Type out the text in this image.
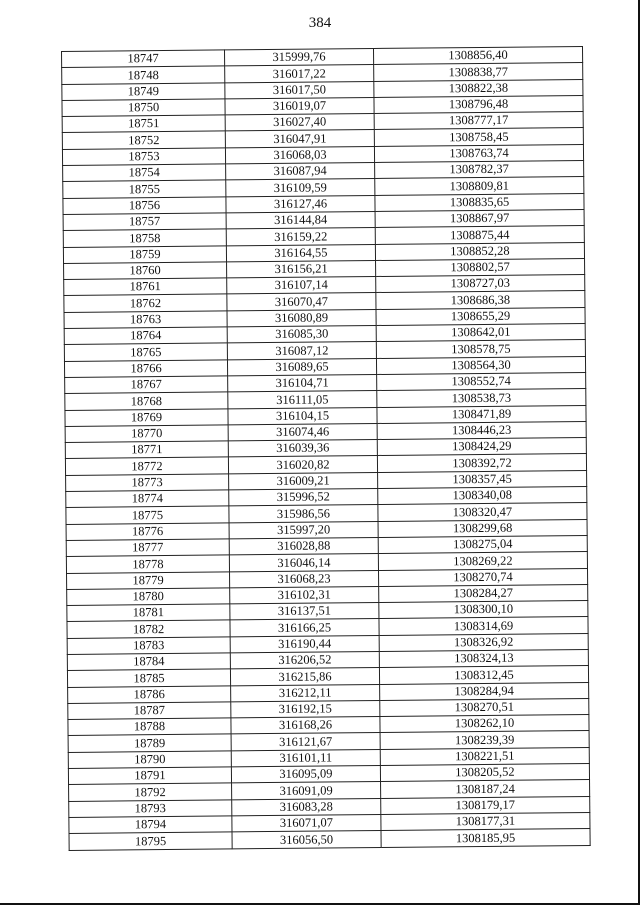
384
18747	315999,76	1308856,40
18748	316017,22	1308838,77
18749	316017,50	1308822,38
18750	316019,07	1308796,48
18751	316027,40	1308777,17
18752	316047,91	1308758,45
18753	316068,03	1308763,74
18754	316087,94	1308782,37
18755	316109,59	1308809,81
18756	316127,46	1308835,65
18757	316144,84	1308867,97
18758	316159,22	1308875,44
18759	316164,55	1308852,28
18760	316156,21	1308802,57
18761	316107,14	1308727,03
18762	316070,47	1308686,38
18763	316080,89	1308655,29
18764	316085,30	1308642,01
18765	316087,12	1308578,75
18766	316089,65	1308564,30
18767	316104,71	1308552,74
18768	316111,05	1308538,73
18769	316104,15	1308471,89
18770	316074,46	1308446,23
18771	316039,36	1308424,29
18772	316020,82	1308392,72
18773	316009,21	1308357,45
18774	315996,52	1308340,08
18775	315986,56	1308320,47
18776	315997,20	1308299,68
18777	316028,88	1308275,04
18778	316046,14	1308269,22
18779	316068,23	1308270,74
18780	316102,31	1308284,27
18781	316137,51	1308300,10
18782	316166,25	1308314,69
18783	316190,44	1308326,92
18784	316206,52	1308324,13
18785	316215,86	1308312,45
18786	316212,11	1308284,94
18787	316192,15	1308270,51
18788	316168,26	1308262,10
18789	316121,67	1308239,39
18790	316101,11	1308221,51
18791	316095,09	1308205,52
18792	316091,09	1308187,24
18793	316083,28	1308179,17
18794	316071,07	1308177,31
18795	316056,50	1308185,95
